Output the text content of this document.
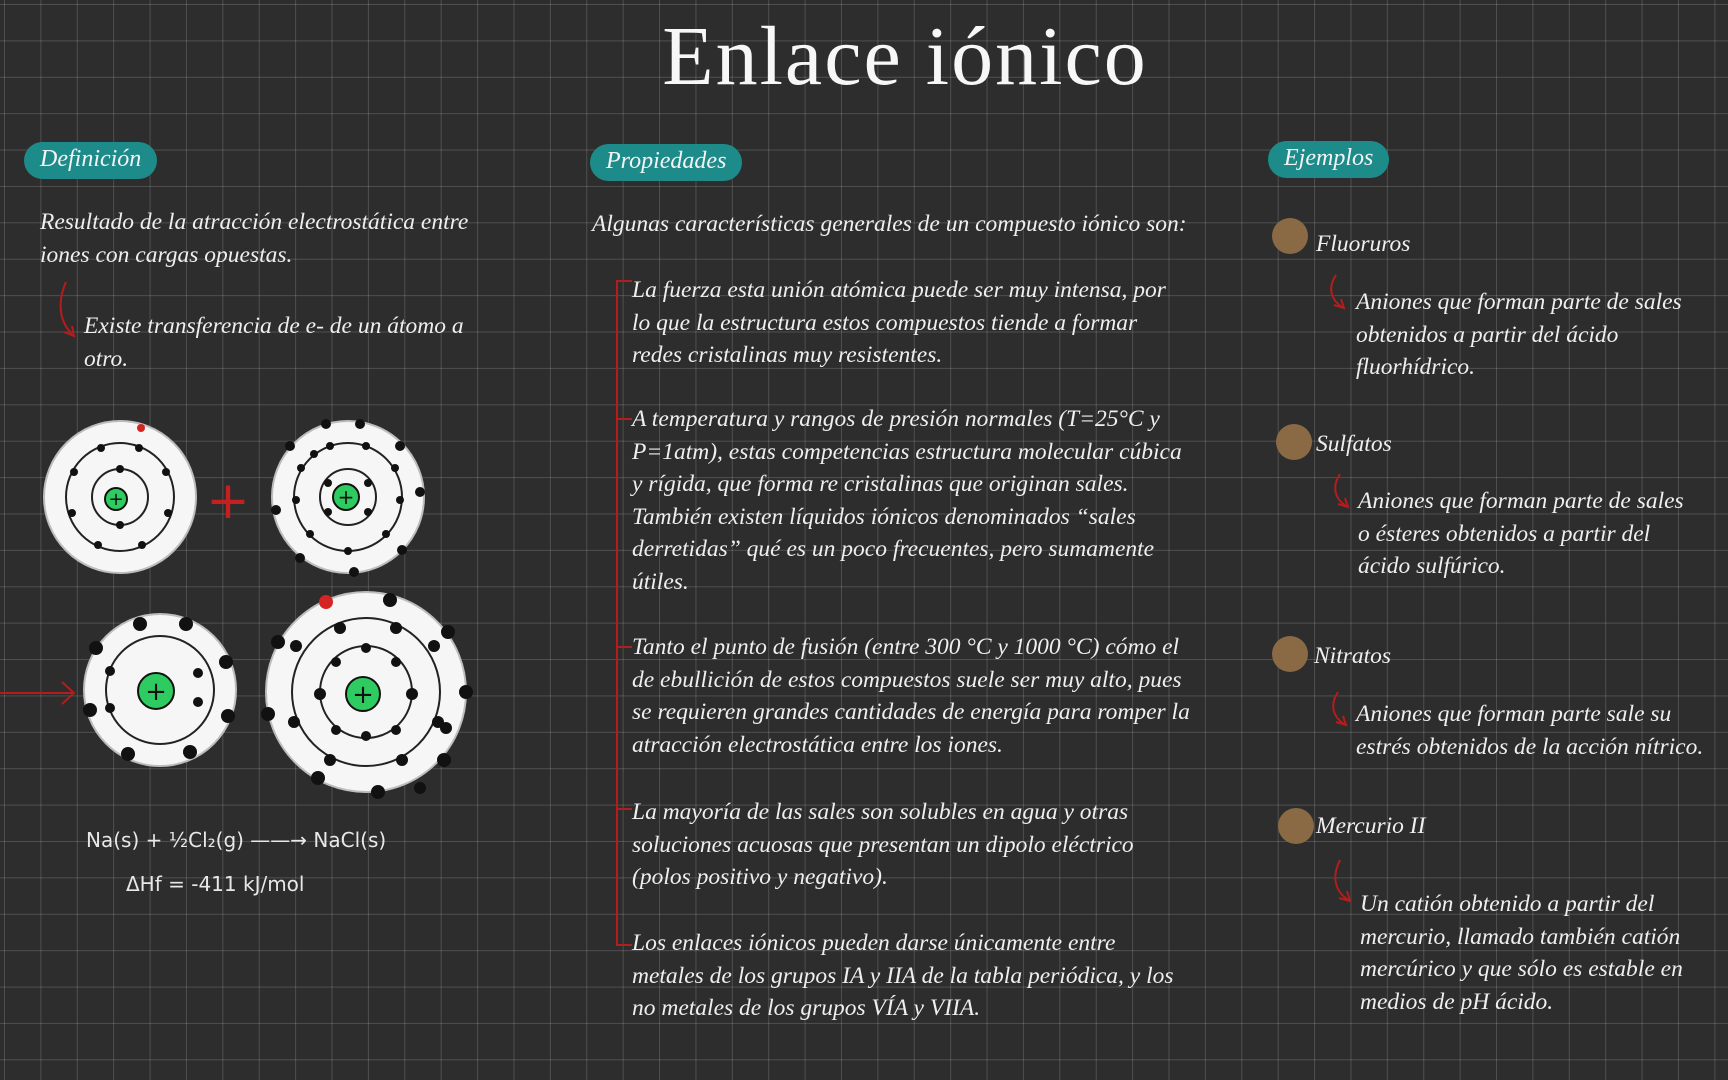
Enlace iónico
Definición
Resultado de la atracción electrostática entre iones con cargas opuestas.
Existe transferencia de e- de un átomo a otro.
+ +	+
+	+
Na(s) + ½Cl₂(g) ——→ NaCl(s)
ΔHf = -411 kJ/mol
Propiedades
Algunas características generales de un compuesto iónico son:
La fuerza esta unión atómica puede ser muy intensa, por lo que la estructura estos compuestos tiende a formar redes cristalinas muy resistentes.
A temperatura y rangos de presión normales (T=25°C y P=1atm), estas competencias estructura molecular cúbica y rígida, que forma re cristalinas que originan sales. También existen líquidos iónicos denominados “sales derretidas” qué es un poco frecuentes, pero sumamente útiles.
Tanto el punto de fusión (entre 300 °C y 1000 °C) cómo el de ebullición de estos compuestos suele ser muy alto, pues se requieren grandes cantidades de energía para romper la atracción electrostática entre los iones.
La mayoría de las sales son solubles en agua y otras soluciones acuosas que presentan un dipolo eléctrico (polos positivo y negativo).
Los enlaces iónicos pueden darse únicamente entre metales de los grupos IA y IIA de la tabla periódica, y los no metales de los grupos VÍA y VIIA.
Ejemplos
Fluoruros
Aniones que forman parte de sales obtenidos a partir del ácido fluorhídrico.
Sulfatos
Aniones que forman parte de sales o ésteres obtenidos a partir del ácido sulfúrico.
Nitratos
Aniones que forman parte sale su estrés obtenidos de la acción nítrico.
Mercurio II
Un catión obtenido a partir del mercurio, llamado también catión mercúrico y que sólo es estable en medios de pH ácido.
